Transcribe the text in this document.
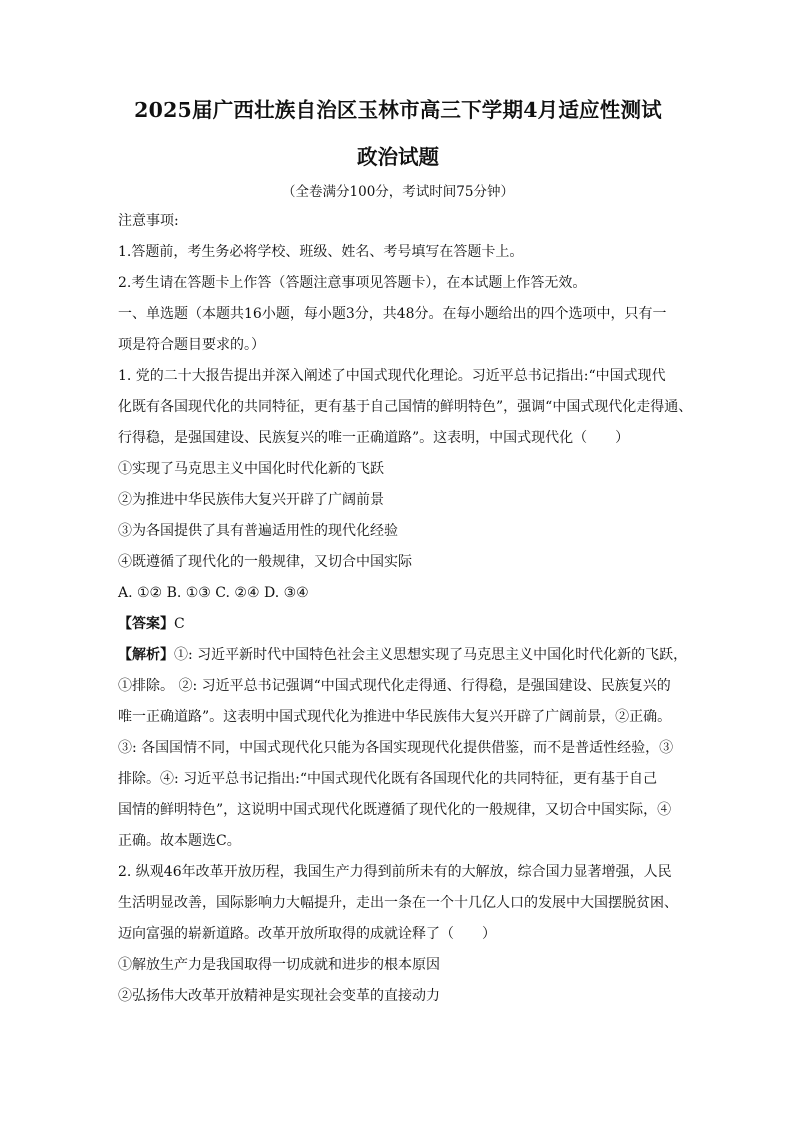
2025届广西壮族自治区玉林市高三下学期4月适应性测试
政治试题
（全卷满分100分，考试时间75分钟）

注意事项:

1.答题前，考生务必将学校、班级、姓名、考号填写在答题卡上。

2.考生请在答题卡上作答（答题注意事项见答题卡），在本试题上作答无效。

一、单选题（本题共16小题，每小题3分，共48分。在每小题给出的四个选项中，只有一

项是符合题目要求的。）

1. 党的二十大报告提出并深入阐述了中国式现代化理论。习近平总书记指出:“中国式现代

化既有各国现代化的共同特征，更有基于自己国情的鲜明特色”，强调“中国式现代化走得通、

行得稳，是强国建设、民族复兴的唯一正确道路”。这表明，中国式现代化（　　）

①实现了马克思主义中国化时代化新的飞跃

②为推进中华民族伟大复兴开辟了广阔前景

③为各国提供了具有普遍适用性的现代化经验

④既遵循了现代化的一般规律，又切合中国实际

A. ①② B. ①③ C. ②④ D. ③④

【答案】C

【解析】①: 习近平新时代中国特色社会主义思想实现了马克思主义中国化时代化新的飞跃，

①排除。 ②: 习近平总书记强调“中国式现代化走得通、行得稳，是强国建设、民族复兴的

唯一正确道路”。这表明中国式现代化为推进中华民族伟大复兴开辟了广阔前景，②正确。

③: 各国国情不同，中国式现代化只能为各国实现现代化提供借鉴，而不是普适性经验，③

排除。④: 习近平总书记指出:“中国式现代化既有各国现代化的共同特征，更有基于自己

国情的鲜明特色”，这说明中国式现代化既遵循了现代化的一般规律，又切合中国实际，④

正确。故本题选C。

2. 纵观46年改革开放历程，我国生产力得到前所未有的大解放，综合国力显著增强，人民

生活明显改善，国际影响力大幅提升，走出一条在一个十几亿人口的发展中大国摆脱贫困、

迈向富强的崭新道路。改革开放所取得的成就诠释了（　　）

①解放生产力是我国取得一切成就和进步的根本原因

②弘扬伟大改革开放精神是实现社会变革的直接动力
